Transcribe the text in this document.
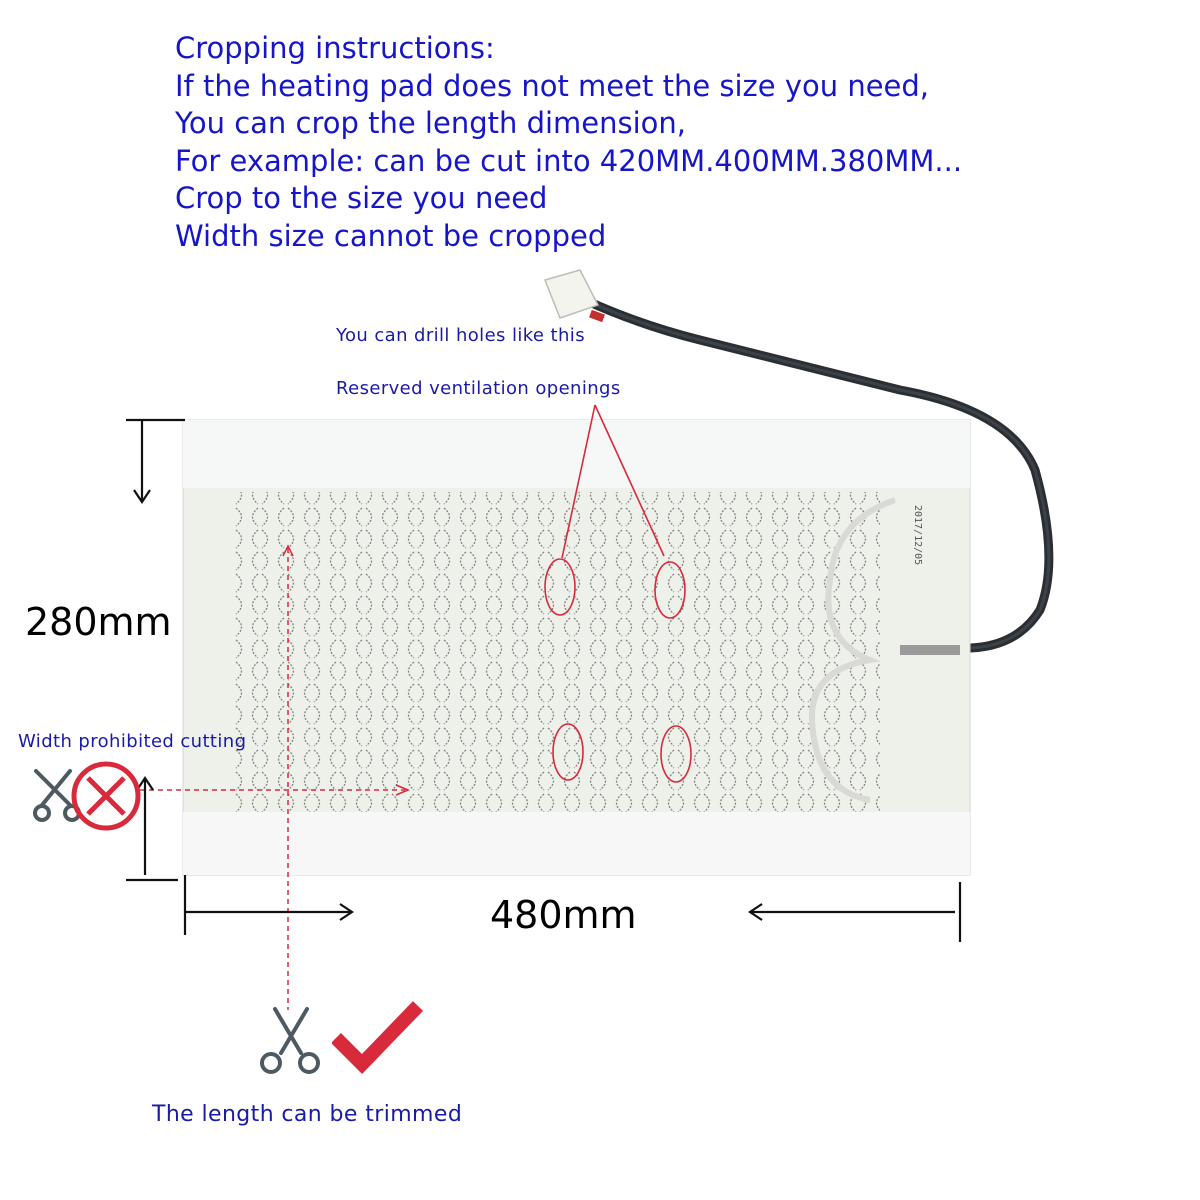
Cropping instructions:
If the heating pad does not meet the size you need,
You can crop the length dimension,
For example: can be cut into 420MM.400MM.380MM...
Crop to the size you need
Width size cannot be cropped
2017/12/05
You can drill holes like this
Reserved ventilation openings
Width prohibited cutting
The length can be trimmed
280mm
480mm
